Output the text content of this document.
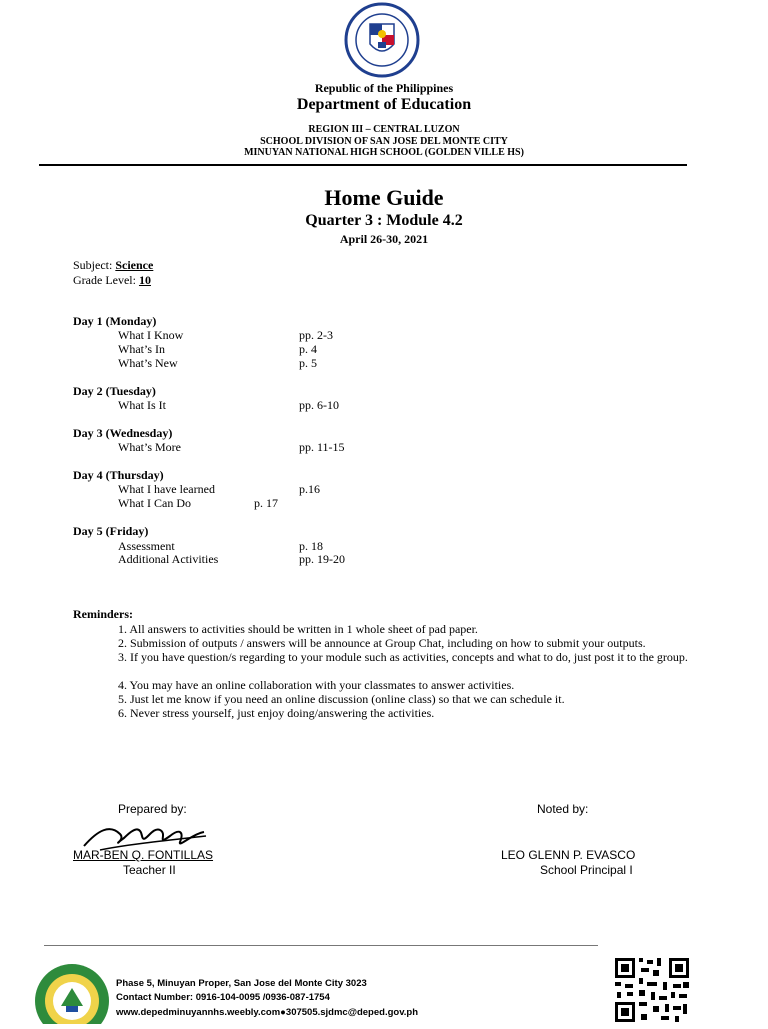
Republic of the Philippines
Department of Education
REGION III – CENTRAL LUZON
SCHOOL DIVISION OF SAN JOSE DEL MONTE CITY
MINUYAN NATIONAL HIGH SCHOOL (GOLDEN VILLE HS)
Home Guide
Quarter 3 : Module 4.2
April 26-30, 2021
Subject: Science
Grade Level: 10
Day 1 (Monday)
What I Know	pp. 2-3
What’s In	p. 4
What’s New	p. 5
Day 2 (Tuesday)
What Is It	pp. 6-10
Day 3 (Wednesday)
What’s More	pp. 11-15
Day 4 (Thursday)
What I have learned	p.16
What I Can Do	p. 17
Day 5 (Friday)
Assessment	p. 18
Additional Activities	pp. 19-20
Reminders:
1. All answers to activities should be written in 1 whole sheet of pad paper.
2. Submission of outputs / answers will be announce at Group Chat, including on how to submit your outputs.
3. If you have question/s regarding to your module such as activities, concepts and what to do, just post it to the group.
4. You may have an online collaboration with your classmates to answer activities.
5. Just let me know if you need an online discussion (online class) so that we can schedule it.
6. Never stress yourself, just enjoy doing/answering the activities.
Prepared by:	Noted by:
MAR-BEN Q. FONTILLAS
Teacher II
LEO GLENN P. EVASCO
School Principal I
Phase 5, Minuyan Proper, San Jose del Monte City 3023
Contact Number: 0916-104-0095 /0936-087-1754
www.depedminuyannhs.weebly.com●307505.sjdmc@deped.gov.ph
